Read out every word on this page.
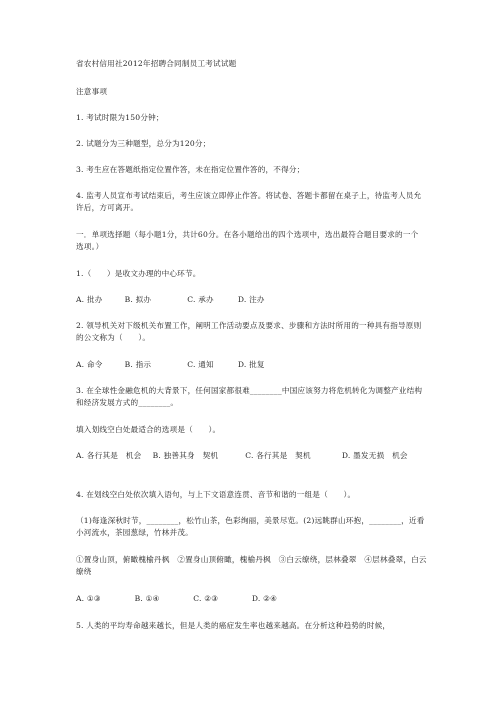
省农村信用社2012年招聘合同制员工考试试题
注意事项
1. 考试时限为150分钟；
2. 试题分为三种题型，总分为120分；
3. 考生应在答题纸指定位置作答，未在指定位置作答的，不得分；
4. 监考人员宣布考试结束后，考生应该立即停止作答。将试卷、答题卡都留在桌子上，待监考人员允许后，方可离开。
一．单项选择题（每小题1分，共计60分。在各小题给出的四个选项中，选出最符合题目要求的一个选项。）
1.（　　）是收文办理的中心环节。
A. 批办	B. 拟办	C. 承办	D. 注办
2. 领导机关对下级机关布置工作，阐明工作活动要点及要求、步骤和方法时所用的一种具有指导原则的公文称为（　　）。
A. 命令	B. 指示	C. 通知	D. 批复
3. 在全球性金融危机的大背景下，任何国家都很难________中国应该努力将危机转化为调整产业结构和经济发展方式的________。
填入划线空白处最适合的选项是（　　）。
A. 各行其是　机会 B. 独善其身　契机	C. 各行其是　契机	D. 墨发无损　机会
4. 在划线空白处依次填入语句，与上下文语意连贯、音节和谐的一组是（　　）。
（1)每逢深秋时节，________，松竹山茶，色彩绚丽，美景尽览。(2)远眺群山环抱，________，近看小河流水，茶园葱绿，竹林并茂。
①置身山顶，俯瞰槐榆丹枫　②置身山顶俯瞰，槐榆丹枫　③白云缭绕，层林叠翠　④层林叠翠，白云缭绕
A. ①③	B. ①④	C. ②③	D. ②④
5. 人类的平均寿命越来越长，但是人类的癌症发生率也越来越高。在分析这种趋势的时候，
